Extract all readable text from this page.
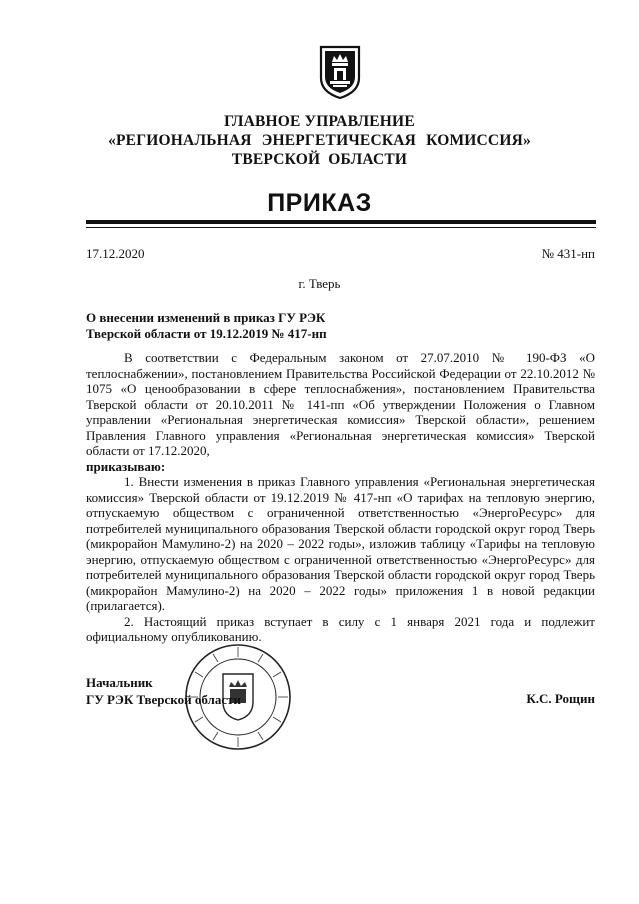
ГЛАВНОЕ УПРАВЛЕНИЕ
«РЕГИОНАЛЬНАЯ ЭНЕРГЕТИЧЕСКАЯ КОМИССИЯ»
ТВЕРСКОЙ ОБЛАСТИ
ПРИКАЗ
17.12.2020	№ 431-нп
г. Тверь
О внесении изменений в приказ ГУ РЭК Тверской области от 19.12.2019 № 417-нп

В соответствии с Федеральным законом от 27.07.2010 № 190-ФЗ «О теплоснабжении», постановлением Правительства Российской Федерации от 22.10.2012 № 1075 «О ценообразовании в сфере теплоснабжения», постановлением Правительства Тверской области от 20.10.2011 № 141-пп «Об утверждении Положения о Главном управлении «Региональная энергетическая комиссия» Тверской области», решением Правления Главного управления «Региональная энергетическая комиссия» Тверской области от 17.12.2020,

приказываю:

1. Внести изменения в приказ Главного управления «Региональная энергетическая комиссия» Тверской области от 19.12.2019 № 417-нп «О тарифах на тепловую энергию, отпускаемую обществом с ограниченной ответственностью «ЭнергоРесурс» для потребителей муниципального образования Тверской области городской округ город Тверь (микрорайон Мамулино-2) на 2020 – 2022 годы», изложив таблицу «Тарифы на тепловую энергию, отпускаемую обществом с ограниченной ответственностью «ЭнергоРесурс» для потребителей муниципального образования Тверской области городской округ город Тверь (микрорайон Мамулино-2) на 2020 – 2022 годы» приложения 1 в новой редакции (прилагается).

2. Настоящий приказ вступает в силу с 1 января 2021 года и подлежит официальному опубликованию.

Начальник
ГУ РЭК Тверской области	К.С. Рощин
